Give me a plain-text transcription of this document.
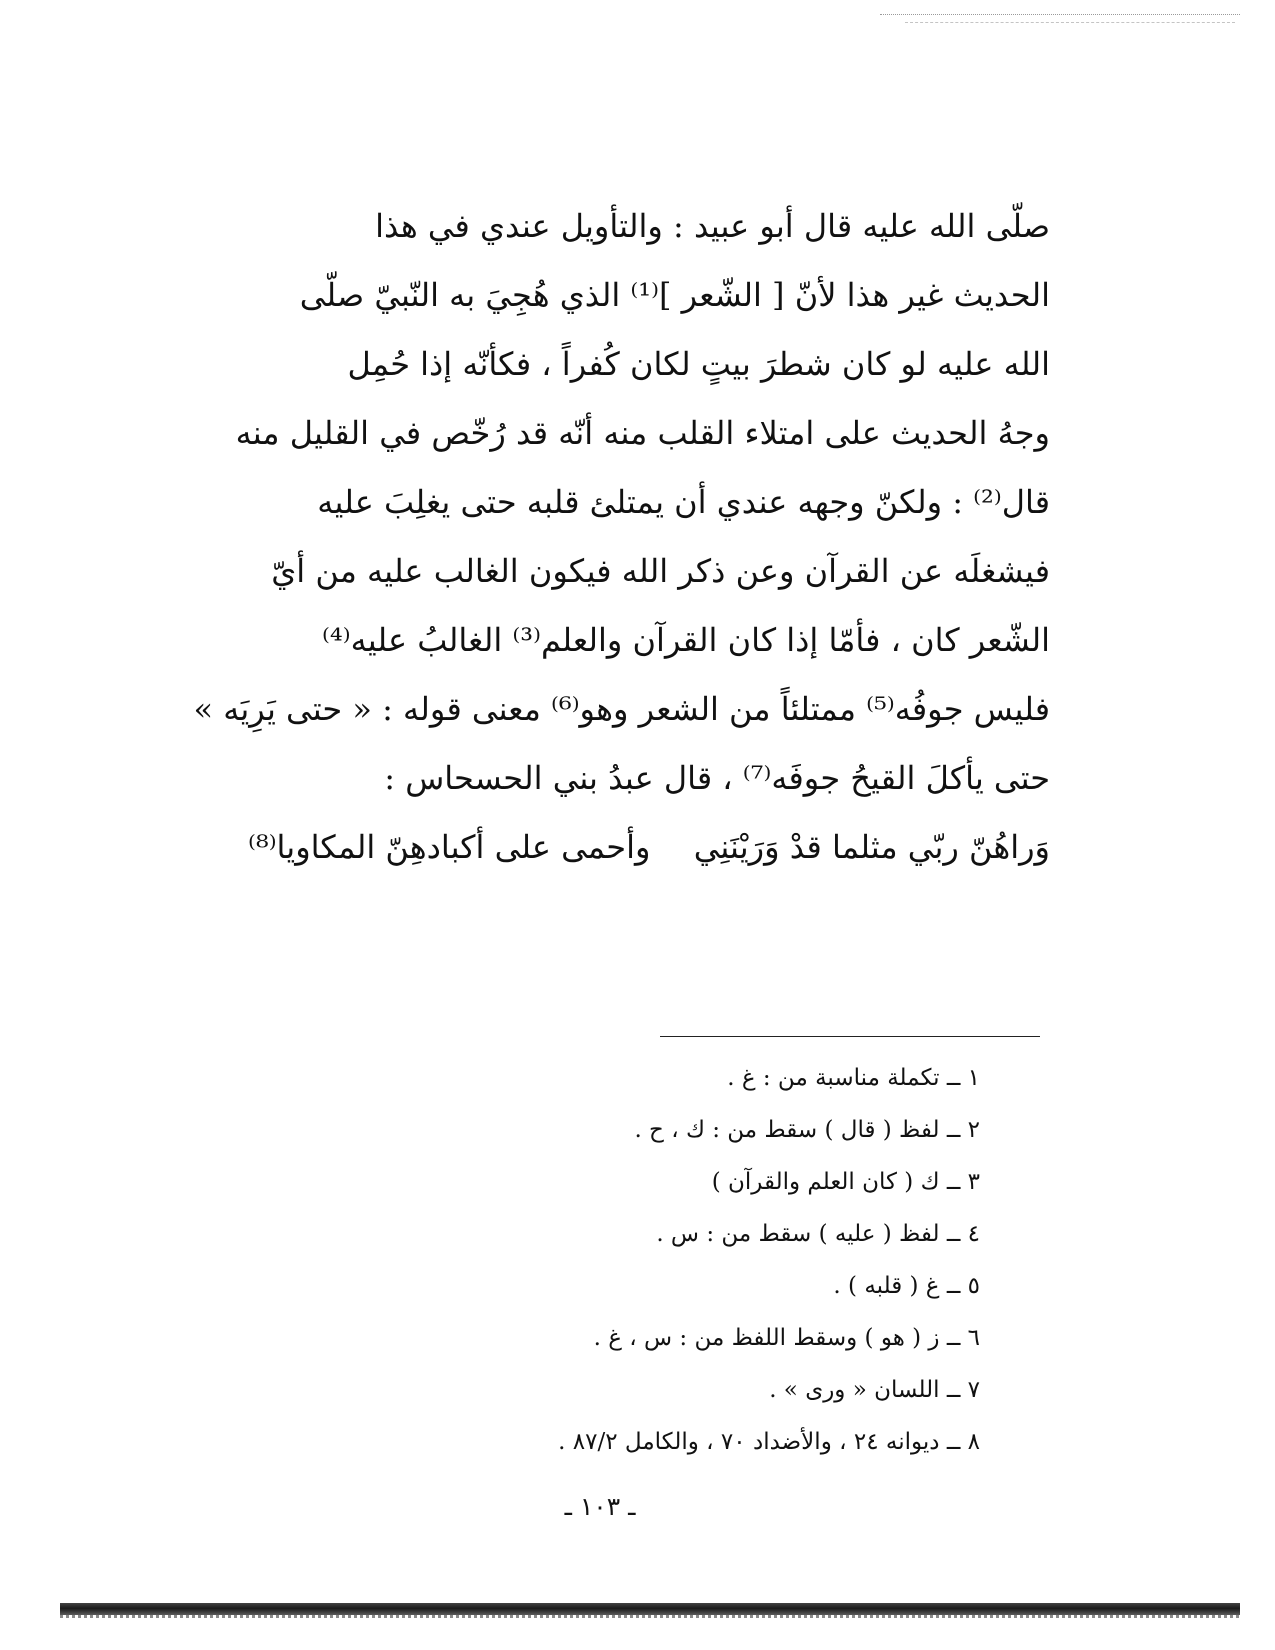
صلّى الله عليه قال أبو عبيد : والتأويل عندي في هذا
الحديث غير هذا لأنّ [ الشّعر ]⁽¹⁾ الذي هُجِيَ به النّبيّ صلّى
الله عليه لو كان شطرَ بيتٍ لكان كُفراً ، فكأنّه إذا حُمِل
وجهُ الحديث على امتلاء القلب منه أنّه قد رُخّص في القليل منه
قال⁽²⁾ : ولكنّ وجهه عندي أن يمتلئ قلبه حتى يغلِبَ عليه
فيشغلَه عن القرآن وعن ذكر الله فيكون الغالب عليه من أيّ
الشّعر كان ، فأمّا إذا كان القرآن والعلم⁽³⁾ الغالبُ عليه⁽⁴⁾
فليس جوفُه⁽⁵⁾ ممتلئاً من الشعر وهو⁽⁶⁾ معنى قوله : « حتى يَرِيَه »
حتى يأكلَ القيحُ جوفَه⁽⁷⁾ ، قال عبدُ بني الحسحاس :
وَراهُنّ ربّي مثلما قدْ وَرَيْنَنِي
وأحمى على أكبادهِنّ المكاويا⁽⁸⁾
١ ــ تكملة مناسبة من : غ .
٢ ــ لفظ ( قال ) سقط من : ك ، ح .
٣ ــ ك ( كان العلم والقرآن )
٤ ــ لفظ ( عليه ) سقط من : س .
٥ ــ غ ( قلبه ) .
٦ ــ ز ( هو ) وسقط اللفظ من : س ، غ .
٧ ــ اللسان « ورى » .
٨ ــ ديوانه ٢٤ ، والأضداد ٧٠ ، والكامل ٨٧/٢ .
ـ ١٠٣ ـ
